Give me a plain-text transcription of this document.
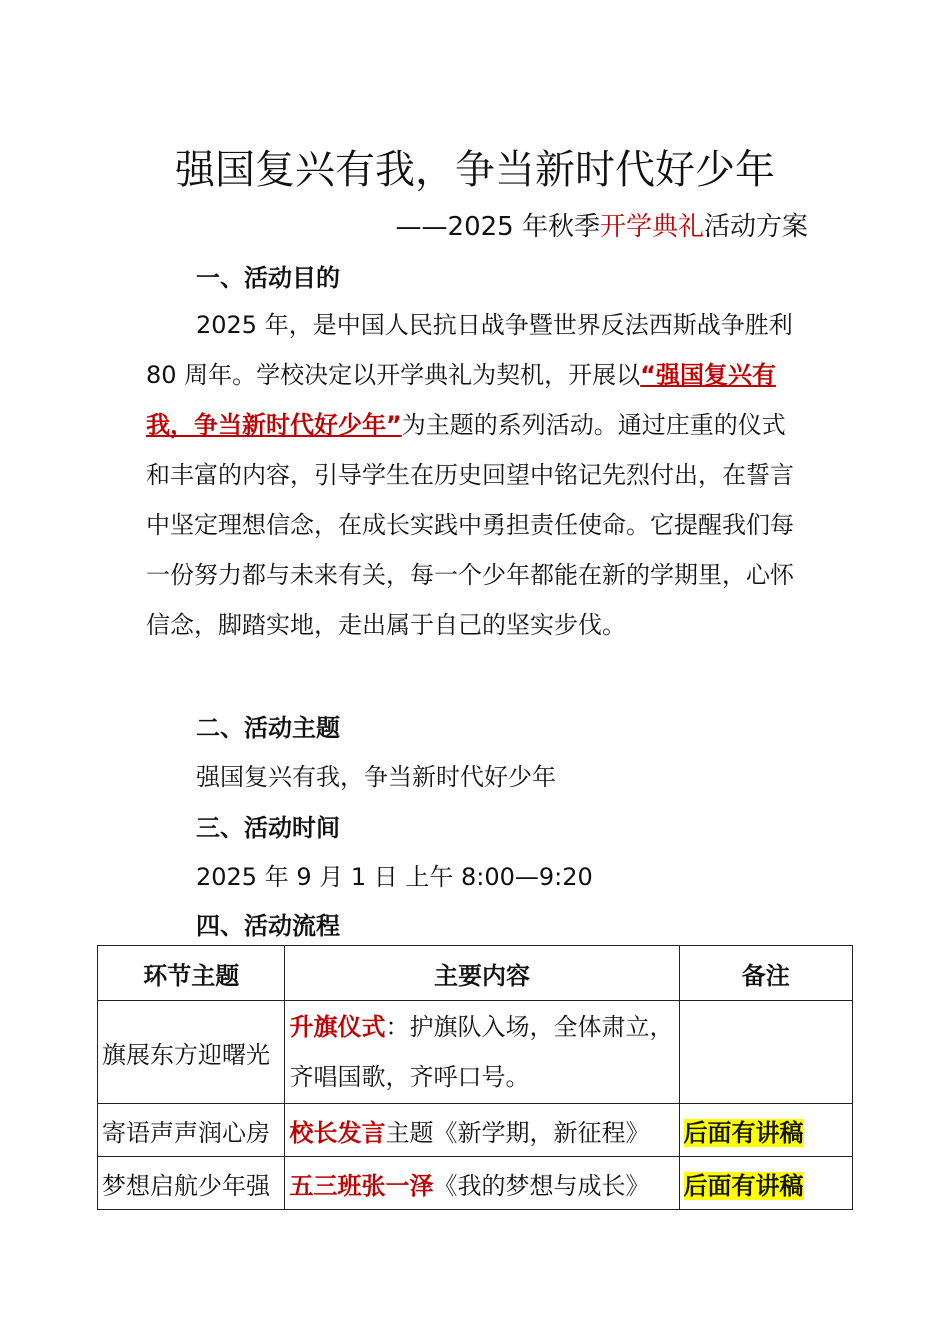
强国复兴有我，争当新时代好少年
——2025 年秋季开学典礼活动方案
一、活动目的
2025 年，是中国人民抗日战争暨世界反法西斯战争胜利 80 周年。学校决定以开学典礼为契机，开展以“强国复兴有我，争当新时代好少年”为主题的系列活动。通过庄重的仪式和丰富的内容，引导学生在历史回望中铭记先烈付出，在誓言中坚定理想信念，在成长实践中勇担责任使命。它提醒我们每一份努力都与未来有关，每一个少年都能在新的学期里，心怀信念，脚踏实地，走出属于自己的坚实步伐。
二、活动主题
强国复兴有我，争当新时代好少年
三、活动时间
2025 年 9 月 1 日 上午 8:00—9:20
四、活动流程
环节主题	主要内容	备注
旗展东方迎曙光	升旗仪式：护旗队入场，全体肃立，齐唱国歌，齐呼口号。	
寄语声声润心房	校长发言主题《新学期，新征程》	后面有讲稿
梦想启航少年强	五三班张一泽《我的梦想与成长》	后面有讲稿
